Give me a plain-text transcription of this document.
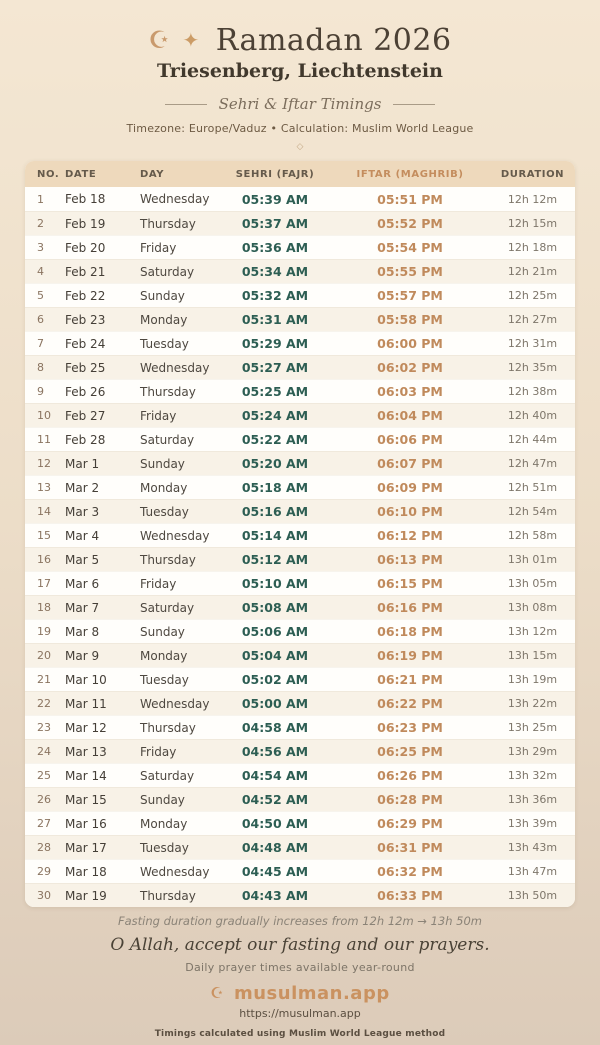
☪ ✦ Ramadan 2026
Triesenberg, Liechtenstein
Sehri & Iftar Timings
Timezone: Europe/Vaduz • Calculation: Muslim World League
◇
NO. DATE	DAY	SEHRI (FAJR)	IFTAR (MAGHRIB)	DURATION
1	Feb 18	Wednesday	05:39 AM	05:51 PM	12h 12m
2	Feb 19	Thursday	05:37 AM	05:52 PM	12h 15m
3	Feb 20	Friday	05:36 AM	05:54 PM	12h 18m
4	Feb 21	Saturday	05:34 AM	05:55 PM	12h 21m
5	Feb 22	Sunday	05:32 AM	05:57 PM	12h 25m
6	Feb 23	Monday	05:31 AM	05:58 PM	12h 27m
7	Feb 24	Tuesday	05:29 AM	06:00 PM	12h 31m
8	Feb 25	Wednesday	05:27 AM	06:02 PM	12h 35m
9	Feb 26	Thursday	05:25 AM	06:03 PM	12h 38m
10	Feb 27	Friday	05:24 AM	06:04 PM	12h 40m
11	Feb 28	Saturday	05:22 AM	06:06 PM	12h 44m
12	Mar 1	Sunday	05:20 AM	06:07 PM	12h 47m
13	Mar 2	Monday	05:18 AM	06:09 PM	12h 51m
14	Mar 3	Tuesday	05:16 AM	06:10 PM	12h 54m
15	Mar 4	Wednesday	05:14 AM	06:12 PM	12h 58m
16	Mar 5	Thursday	05:12 AM	06:13 PM	13h 01m
17	Mar 6	Friday	05:10 AM	06:15 PM	13h 05m
18	Mar 7	Saturday	05:08 AM	06:16 PM	13h 08m
19	Mar 8	Sunday	05:06 AM	06:18 PM	13h 12m
20	Mar 9	Monday	05:04 AM	06:19 PM	13h 15m
21	Mar 10	Tuesday	05:02 AM	06:21 PM	13h 19m
22	Mar 11	Wednesday	05:00 AM	06:22 PM	13h 22m
23	Mar 12	Thursday	04:58 AM	06:23 PM	13h 25m
24	Mar 13	Friday	04:56 AM	06:25 PM	13h 29m
25	Mar 14	Saturday	04:54 AM	06:26 PM	13h 32m
26	Mar 15	Sunday	04:52 AM	06:28 PM	13h 36m
27	Mar 16	Monday	04:50 AM	06:29 PM	13h 39m
28	Mar 17	Tuesday	04:48 AM	06:31 PM	13h 43m
29	Mar 18	Wednesday	04:45 AM	06:32 PM	13h 47m
30	Mar 19	Thursday	04:43 AM	06:33 PM	13h 50m
Fasting duration gradually increases from 12h 12m → 13h 50m
O Allah, accept our fasting and our prayers.
Daily prayer times available year-round
☪ musulman.app
https://musulman.app
Timings calculated using Muslim World League method
